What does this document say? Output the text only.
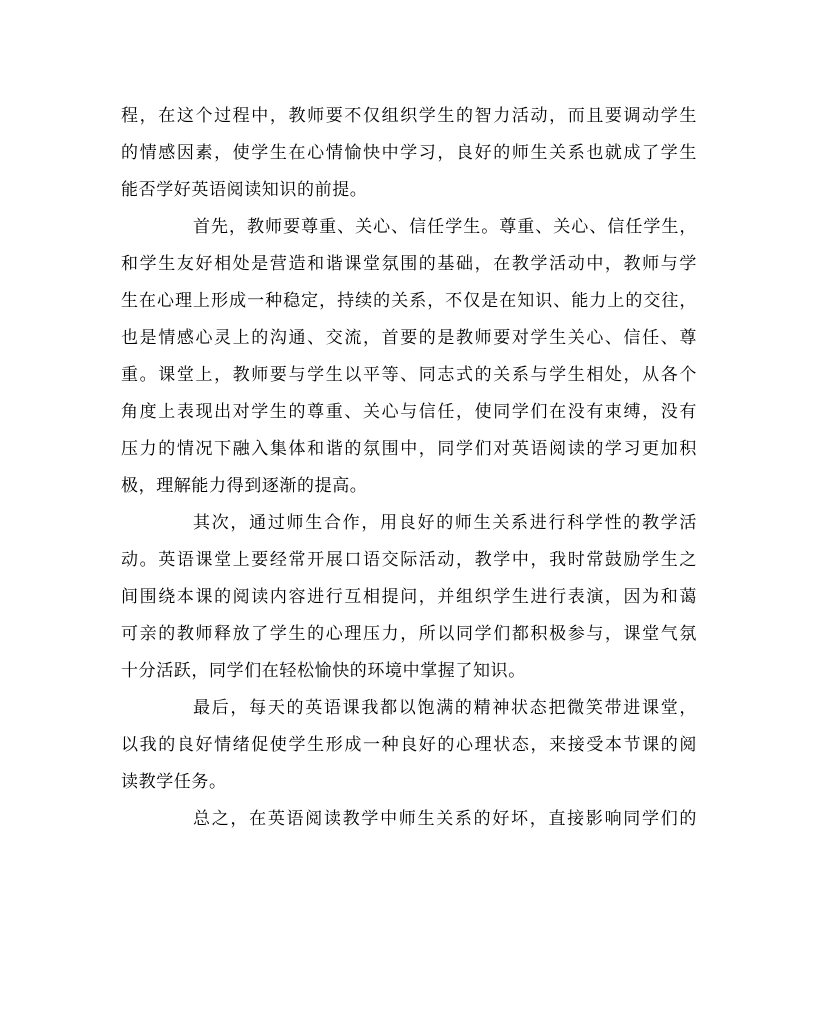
程，在这个过程中，教师要不仅组织学生的智力活动，而且要调动学生
的情感因素，使学生在心情愉快中学习，良好的师生关系也就成了学生
能否学好英语阅读知识的前提。
首先，教师要尊重、关心、信任学生。尊重、关心、信任学生，
和学生友好相处是营造和谐课堂氛围的基础，在教学活动中，教师与学
生在心理上形成一种稳定，持续的关系，不仅是在知识、能力上的交往，
也是情感心灵上的沟通、交流，首要的是教师要对学生关心、信任、尊
重。课堂上，教师要与学生以平等、同志式的关系与学生相处，从各个
角度上表现出对学生的尊重、关心与信任，使同学们在没有束缚，没有
压力的情况下融入集体和谐的氛围中，同学们对英语阅读的学习更加积
极，理解能力得到逐渐的提高。
其次，通过师生合作，用良好的师生关系进行科学性的教学活
动。英语课堂上要经常开展口语交际活动，教学中，我时常鼓励学生之
间围绕本课的阅读内容进行互相提问，并组织学生进行表演，因为和蔼
可亲的教师释放了学生的心理压力，所以同学们都积极参与，课堂气氛
十分活跃，同学们在轻松愉快的环境中掌握了知识。
最后，每天的英语课我都以饱满的精神状态把微笑带进课堂，
以我的良好情绪促使学生形成一种良好的心理状态，来接受本节课的阅
读教学任务。
总之，在英语阅读教学中师生关系的好坏，直接影响同学们的
